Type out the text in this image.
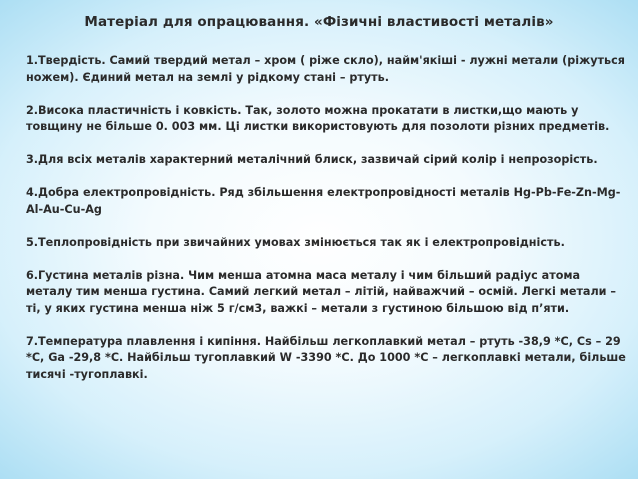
Матеріал для опрацювання. «Фізичні властивості металів»

1.Твердість. Самий твердий метал – хром ( ріже скло), найм'якіші - лужні метали (ріжуться ножем). Єдиний метал на землі у рідкому стані – ртуть.

2.Висока пластичність і ковкість. Так, золото можна прокатати в листки,що мають у товщину не більше 0. 003 мм. Ці листки використовують для позолоти різних предметів.

3.Для всіх металів характерний металічний блиск, зазвичай сірий колір і непрозорість.

4.Добра електропровідність. Ряд збільшення електропровідності металів Hg-Pb-Fe-Zn-Mg-Al-Au-Cu-Ag

5.Теплопровідність при звичайних умовах змінюється так як і електропровідність.

6.Густина металів різна. Чим менша атомна маса металу і чим більший радіус атома металу тим менша густина. Самий легкий метал – літій, найважчий – осмій. Легкі метали – ті, у яких густина менша ніж 5 г/см3, важкі – метали з густиною більшою від п’яти.

7.Температура плавлення і кипіння. Найбільш легкоплавкий метал – ртуть -38,9 *С, Cs – 29 *C, Ga -29,8 *C. Найбільш тугоплавкий W -3390 *C. До 1000 *C – легкоплавкі метали, більше тисячі -тугоплавкі.
